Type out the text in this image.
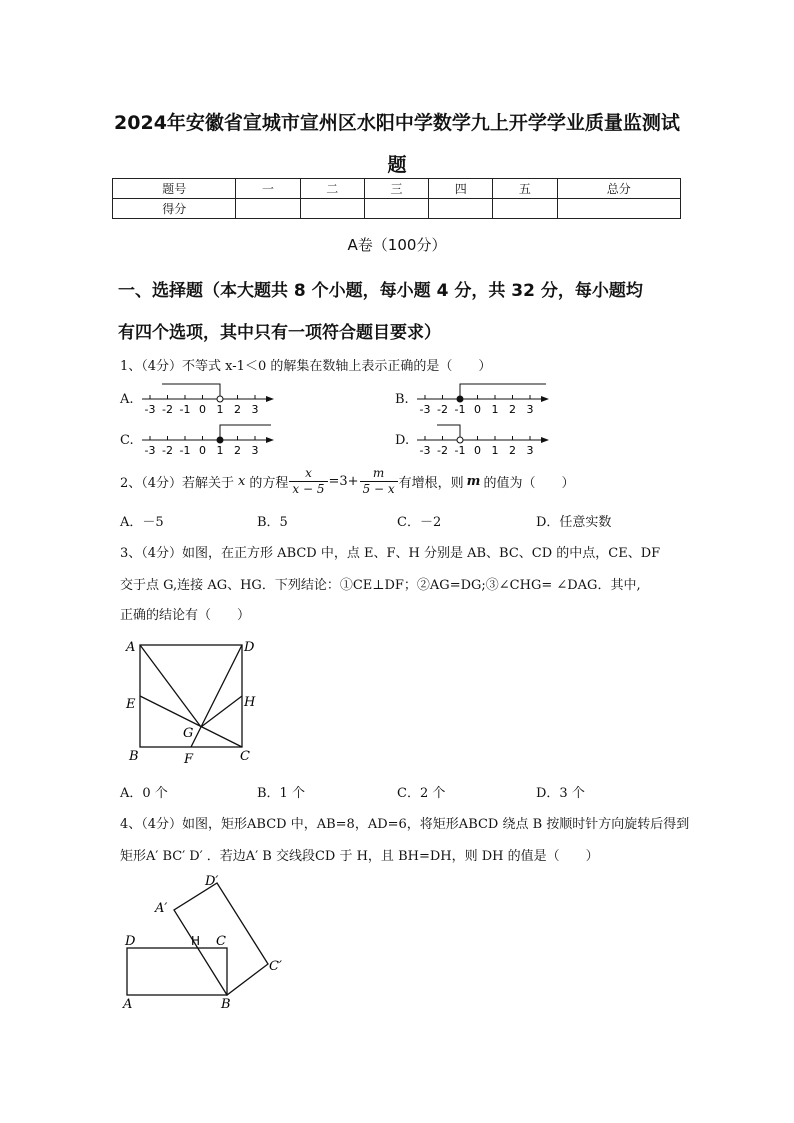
2024年安徽省宣城市宣州区水阳中学数学九上开学学业质量监测试
题
题号	一	二	三	四	五	总分
得分						
A卷（100分）
一、选择题（本大题共 8 个小题，每小题 4 分，共 32 分，每小题均
有四个选项，其中只有一项符合题目要求）
1、（4分）不等式 x-1＜0 的解集在数轴上表示正确的是（　　）
A.	B.
C.	D.
-3 -2 -1 0 1 2 3	-3 -2 -1 0 1 2 3
-3 -2 -1 0 1 2 3	-3 -2 -1 0 1 2 3
2、（4分）若解关于 x 的方程 $\frac{x}{x - 5} =3+ \frac{m}{5 - x}$ 有增根，则 m 的值为（　　）
A．－5	B．5	C．－2	D．任意实数
3、（4分）如图，在正方形 ABCD 中，点 E、F、H 分别是 AB、BC、CD 的中点，CE、DF
交于点 G,连接 AG、HG．下列结论：①CE⊥DF；②AG=DG;③∠CHG= ∠DAG．其中,
正确的结论有（　　）
A	D
E	H
G
B	C
F
A．0 个	B．1 个	C．2 个	D．3 个
4、（4分）如图，矩形ABCD 中，AB=8，AD=6，将矩形ABCD 绕点 B 按顺时针方向旋转后得到
矩形A′ BC′ D′ ．若边A′ B 交线段CD 于 H，且 BH=DH，则 DH 的值是（　　）
A	B
D	H C
A′
D′
C′
